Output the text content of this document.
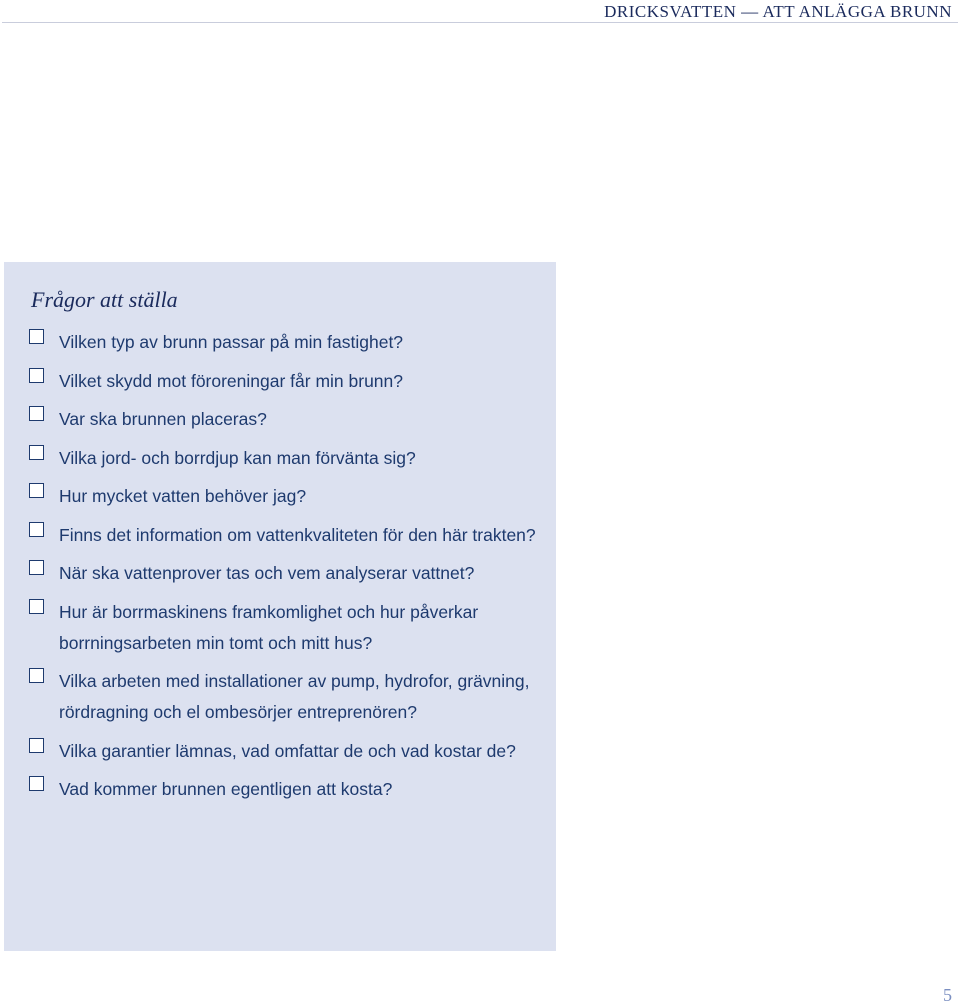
DRICKSVATTEN — ATT ANLÄGGA BRUNN
Frågor att ställa
Vilken typ av brunn passar på min fastighet?
Vilket skydd mot föroreningar får min brunn?
Var ska brunnen placeras?
Vilka jord- och borrdjup kan man förvänta sig?
Hur mycket vatten behöver jag?
Finns det information om vattenkvaliteten för den här trakten?
När ska vattenprover tas och vem analyserar vattnet?
Hur är borrmaskinens framkomlighet och hur påverkar borrningsarbeten min tomt och mitt hus?
Vilka arbeten med installationer av pump, hydrofor, grävning, rördragning och el ombesörjer entreprenören?
Vilka garantier lämnas, vad omfattar de och vad kostar de?
Vad kommer brunnen egentligen att kosta?
5
